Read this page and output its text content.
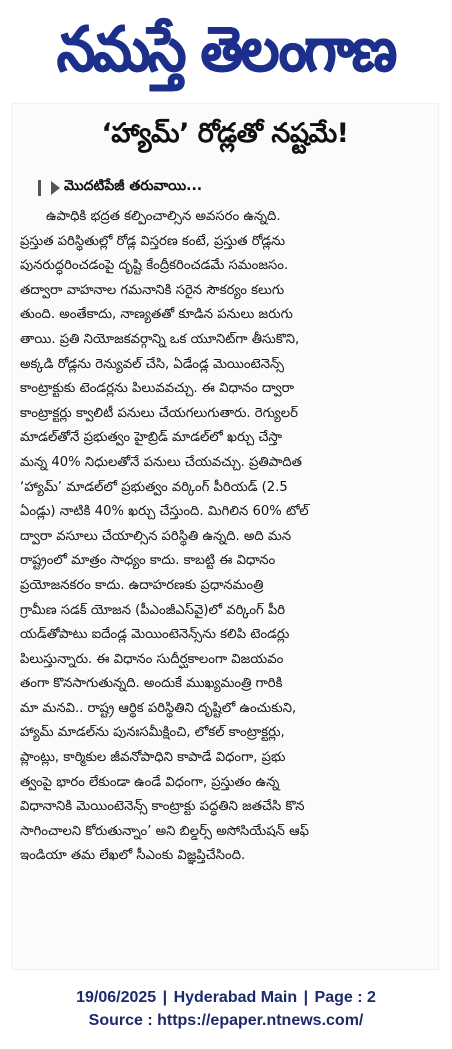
నమస్తే తెలంగాణ
‘హ్యామ్’ రోడ్లతో నష్టమే!
మొదటిపేజీ తరువాయి...
ఉపాధికి భద్రత కల్పించాల్సిన అవసరం ఉన్నది.
ప్రస్తుత పరిస్థితుల్లో రోడ్ల విస్తరణ కంటే, ప్రస్తుత రోడ్లను
పునరుద్ధరించడంపై దృష్టి కేంద్రీకరించడమే సమంజసం.
తద్వారా వాహనాల గమనానికి సరైన సౌకర్యం కలుగు
తుంది. అంతేకాదు, నాణ్యతతో కూడిన పనులు జరుగు
తాయి. ప్రతి నియోజకవర్గాన్ని ఒక యూనిట్‌గా తీసుకొని,
అక్కడి రోడ్లను రెన్యువల్ చేసి, ఏడేండ్ల మెయింటెనెన్స్
కాంట్రాక్టుకు టెండర్లను పిలువవచ్చు. ఈ విధానం ద్వారా
కాంట్రాక్టర్లు క్వాలిటీ పనులు చేయగలుగుతారు. రెగ్యులర్
మాడల్‌తోనే ప్రభుత్వం హైబ్రిడ్ మాడల్‌లో ఖర్చు చేస్తా
మన్న 40% నిధులతోనే పనులు చేయవచ్చు. ప్రతిపాదిత
‘హ్యామ్’ మాడల్‌లో ప్రభుత్వం వర్కింగ్ పీరియడ్ (2.5
ఏండ్లు) నాటికి 40% ఖర్చు చేస్తుంది. మిగిలిన 60% టోల్
ద్వారా వసూలు చేయాల్సిన పరిస్థితి ఉన్నది. అది మన
రాష్ట్రంలో మాత్రం సాధ్యం కాదు. కాబట్టి ఈ విధానం
ప్రయోజనకరం కాదు. ఉదాహరణకు ప్రధానమంత్రి
గ్రామీణ సడక్ యోజన (పీఎంజీఎస్‌వై)లో వర్కింగ్ పీరి
యడ్‌తోపాటు ఐదేండ్ల మెయింటెనెన్స్‌ను కలిపి టెండర్లు
పిలుస్తున్నారు. ఈ విధానం సుదీర్ఘకాలంగా విజయవం
తంగా కొనసాగుతున్నది. అందుకే ముఖ్యమంత్రి గారికి
మా మనవి.. రాష్ట్ర ఆర్థిక పరిస్థితిని దృష్టిలో ఉంచుకుని,
హ్యామ్ మాడల్‌ను పునఃసమీక్షించి, లోకల్ కాంట్రాక్టర్లు,
ప్లాంట్లు, కార్మికుల జీవనోపాధిని కాపాడే విధంగా, ప్రభు
త్వంపై భారం లేకుండా ఉండే విధంగా, ప్రస్తుతం ఉన్న
విధానానికి మెయింటెనెన్స్ కాంట్రాక్టు పద్ధతిని జతచేసి కొన
సాగించాలని కోరుతున్నాం’ అని బిల్డర్స్ అసోసియేషన్ ఆఫ్
ఇండియా తమ లేఖలో సీఎంకు విజ్ఞప్తిచేసింది.
19/06/2025 | Hyderabad Main | Page : 2
Source : https://epaper.ntnews.com/
